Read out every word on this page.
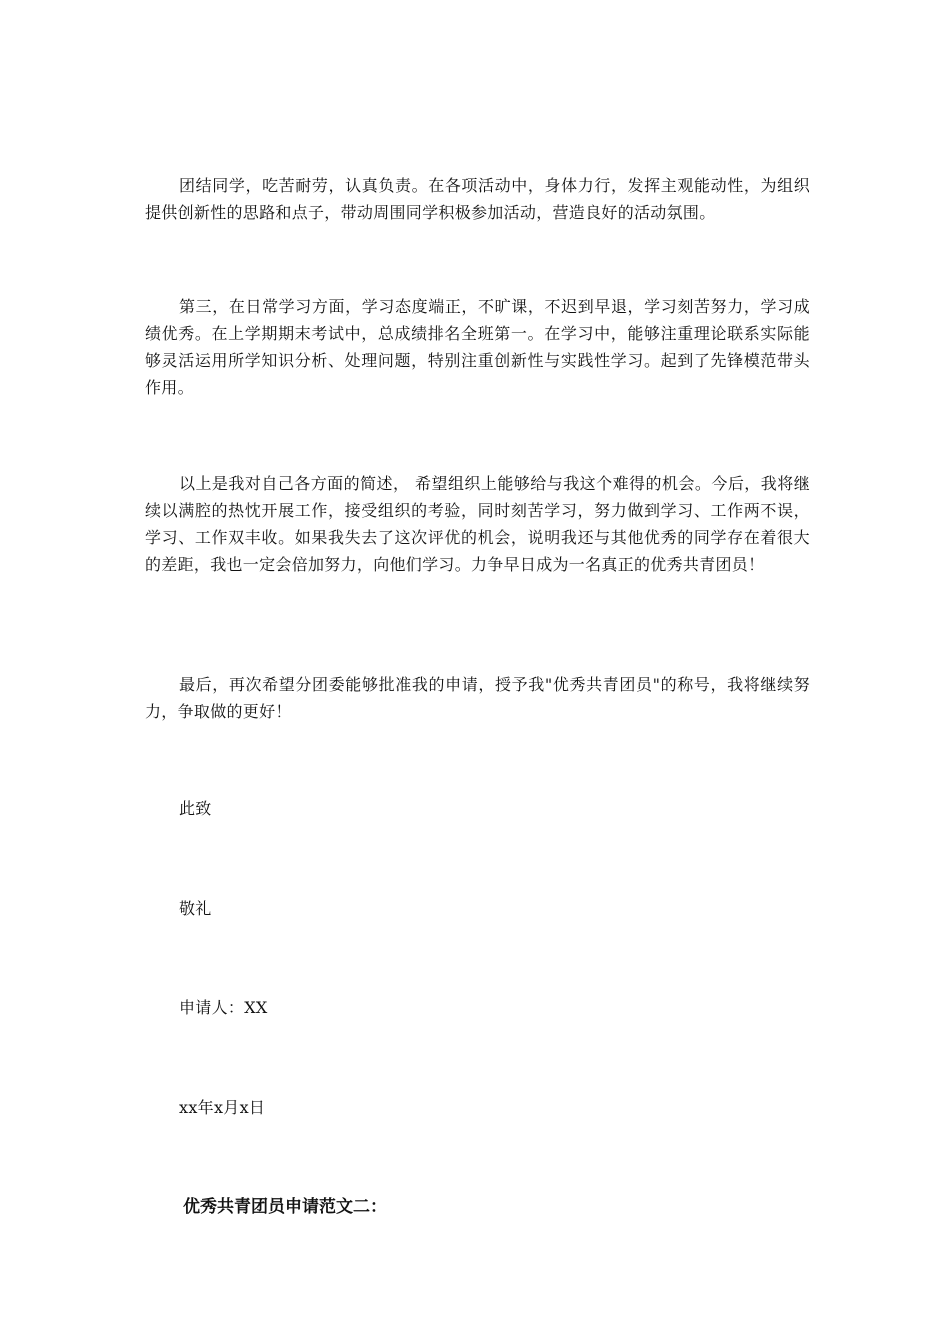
团结同学，吃苦耐劳，认真负责。在各项活动中，身体力行，发挥主观能动性，为组织提供创新性的思路和点子，带动周围同学积极参加活动，营造良好的活动氛围。

第三，在日常学习方面，学习态度端正，不旷课，不迟到早退，学习刻苦努力，学习成绩优秀。在上学期期末考试中，总成绩排名全班第一。在学习中，能够注重理论联系实际能够灵活运用所学知识分析、处理问题，特别注重创新性与实践性学习。起到了先锋模范带头作用。

以上是我对自己各方面的简述， 希望组织上能够给与我这个难得的机会。今后，我将继续以满腔的热忱开展工作，接受组织的考验，同时刻苦学习，努力做到学习、工作两不误，学习、工作双丰收。如果我失去了这次评优的机会，说明我还与其他优秀的同学存在着很大的差距，我也一定会倍加努力，向他们学习。力争早日成为一名真正的优秀共青团员！

最后，再次希望分团委能够批准我的申请，授予我"优秀共青团员"的称号，我将继续努力，争取做的更好！

此致

敬礼

申请人：XX

xx年x月x日

优秀共青团员申请范文二：
